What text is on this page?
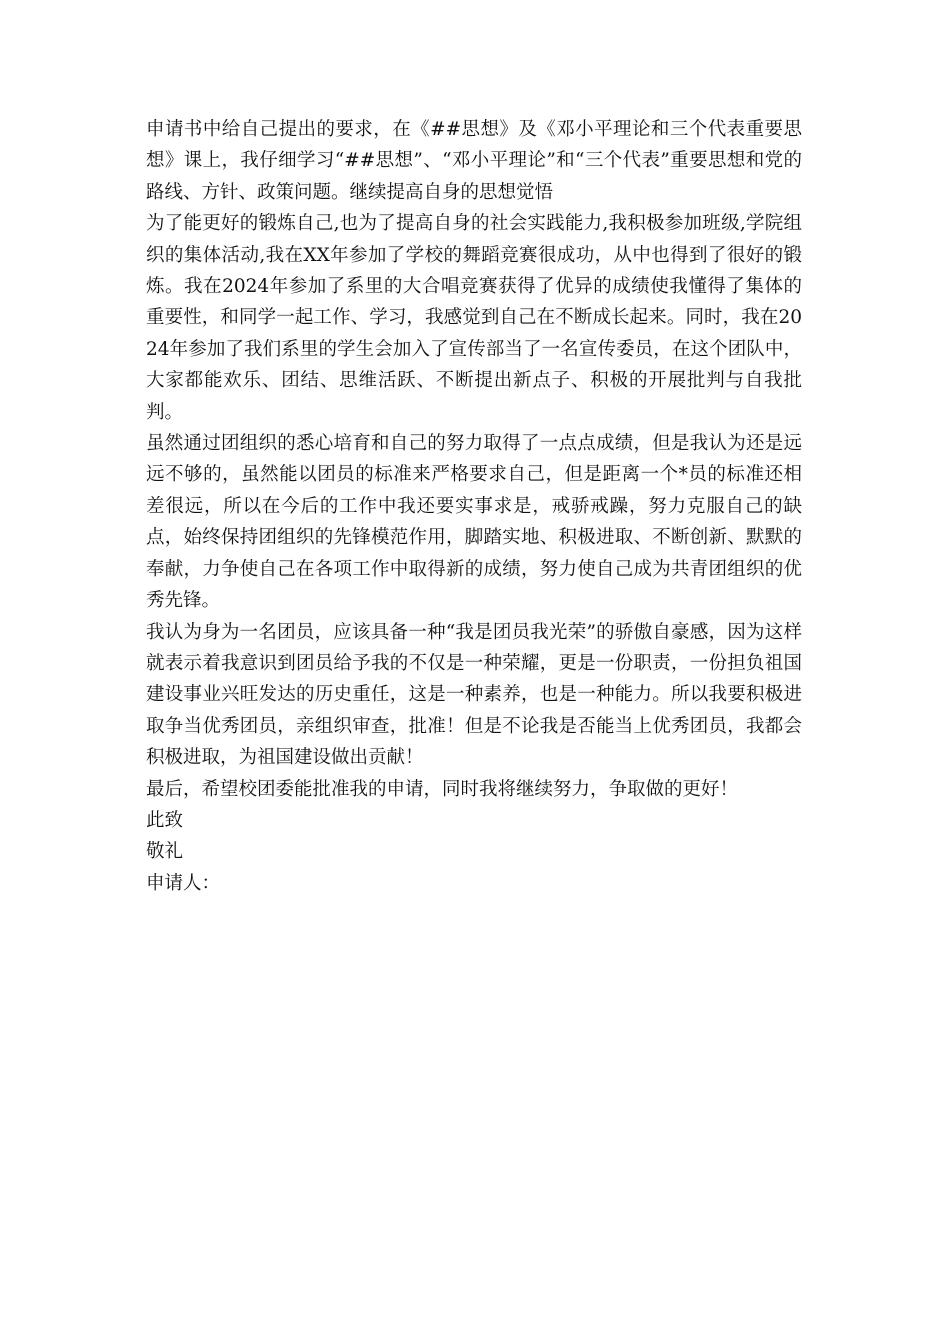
申请书中给自己提出的要求，在《##思想》及《邓小平理论和三个代表重要思想》课上，我仔细学习“##思想”、“邓小平理论”和“三个代表”重要思想和党的路线、方针、政策问题。继续提高自身的思想觉悟

为了能更好的锻炼自己,也为了提高自身的社会实践能力,我积极参加班级,学院组织的集体活动,我在XX年参加了学校的舞蹈竞赛很成功，从中也得到了很好的锻炼。我在2024年参加了系里的大合唱竞赛获得了优异的成绩使我懂得了集体的重要性，和同学一起工作、学习，我感觉到自己在不断成长起来。同时，我在2024年参加了我们系里的学生会加入了宣传部当了一名宣传委员，在这个团队中，大家都能欢乐、团结、思维活跃、不断提出新点子、积极的开展批判与自我批判。

虽然通过团组织的悉心培育和自己的努力取得了一点点成绩，但是我认为还是远远不够的，虽然能以团员的标准来严格要求自己，但是距离一个*员的标准还相差很远，所以在今后的工作中我还要实事求是，戒骄戒躁，努力克服自己的缺点，始终保持团组织的先锋模范作用，脚踏实地、积极进取、不断创新、默默的奉献，力争使自己在各项工作中取得新的成绩，努力使自己成为共青团组织的优秀先锋。

我认为身为一名团员，应该具备一种“我是团员我光荣”的骄傲自豪感，因为这样就表示着我意识到团员给予我的不仅是一种荣耀，更是一份职责，一份担负祖国建设事业兴旺发达的历史重任，这是一种素养，也是一种能力。所以我要积极进取争当优秀团员，亲组织审查，批准！但是不论我是否能当上优秀团员，我都会积极进取，为祖国建设做出贡献！

最后，希望校团委能批准我的申请，同时我将继续努力，争取做的更好！

此致

敬礼

申请人：
